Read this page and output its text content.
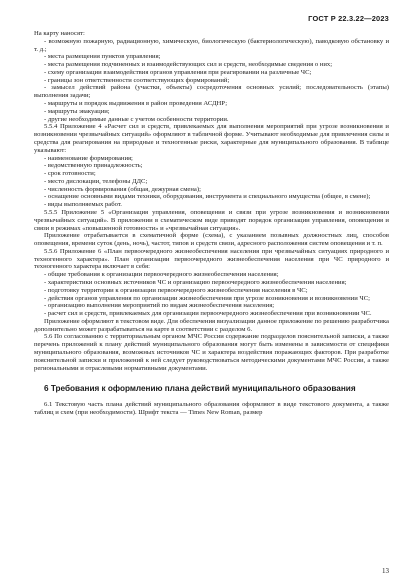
ГОСТ Р 22.3.22—2023

На карту наносят:

- возможную пожарную, радиационную, химическую, биологическую (бактериологическую), паводковую обстановку и т. д.;

- места размещения пунктов управления;

- места размещения подчиненных и взаимодействующих сил и средств, необходимые сведения о них;

- схему организации взаимодействия органов управления при реагировании на различные ЧС;

- границы зон ответственности соответствующих формирований;

- замысел действий района (участки, объекты) сосредоточения основных усилий; последовательность (этапы) выполнения задачи;

- маршруты и порядок выдвижения в район проведения АСДНР;

- маршруты эвакуации;

- другие необходимые данные с учетом особенности территории.

5.5.4 Приложение 4 «Расчет сил и средств, привлекаемых для выполнения мероприятий при угрозе возникновения и возникновении чрезвычайных ситуаций» оформляют в табличной форме. Учитывают необходимые для привлечения силы и средства для реагирования на природные и техногенные риски, характерные для муниципального образования. В таблице указывают:

- наименование формирования;

- ведомственную принадлежность;

- срок готовности;

- место дислокации, телефоны ДДС;

- численность формирования (общая, дежурная смена);

- оснащение основными видами техники, оборудования, инструмента и специального имущества (общее, в смене);

- виды выполняемых работ.

5.5.5 Приложение 5 «Организация управления, оповещения и связи при угрозе возникновения и возникновении чрезвычайных ситуаций». В приложении в схематическом виде приводят порядок организации управления, оповещения и связи в режимах «повышенной готовности» и «чрезвычайная ситуация».

Приложение отрабатывается в схематичной форме (схема), с указанием позывных должностных лиц, способов оповещения, времени суток (день, ночь), частот, типов и средств связи, адресного расположения систем оповещения и т. п.

5.5.6 Приложение 6 «План первоочередного жизнеобеспечения населения при чрезвычайных ситуациях природного и техногенного характера». План организации первоочередного жизнеобеспечения населения при ЧС природного и техногенного характера включает в себя:

- общие требования к организации первоочередного жизнеобеспечения населения;

- характеристики основных источников ЧС и организацию первоочередного жизнеобеспечения населения;

- подготовку территории к организации первоочередного жизнеобеспечения населения в ЧС;

- действия органов управления по организации жизнеобеспечения при угрозе возникновения и возникновении ЧС;

- организацию выполнения мероприятий по видам жизнеобеспечения населения;

- расчет сил и средств, привлекаемых для организации первоочередного жизнеобеспечения при возникновении ЧС.

Приложение оформляют в текстовом виде. Для обеспечения визуализации данное приложение по решению разработчика дополнительно может разрабатываться на карте в соответствии с разделом 6.

5.6 По согласованию с территориальным органом МЧС России содержание подразделов пояснительной записки, а также перечень приложений к плану действий муниципального образования могут быть изменены в зависимости от специфики муниципального образования, возможных источников ЧС и характера воздействия поражающих факторов. При разработке пояснительной записки и приложений к ней следует руководствоваться методическими документами МЧС России, а также региональными и отраслевыми нормативными документами.

6 Требования к оформлению плана действий муниципального образования

6.1 Текстовую часть плана действий муниципального образования оформляют в виде текстового документа, а также таблиц и схем (при необходимости). Шрифт текста — Times New Roman, размер

13
